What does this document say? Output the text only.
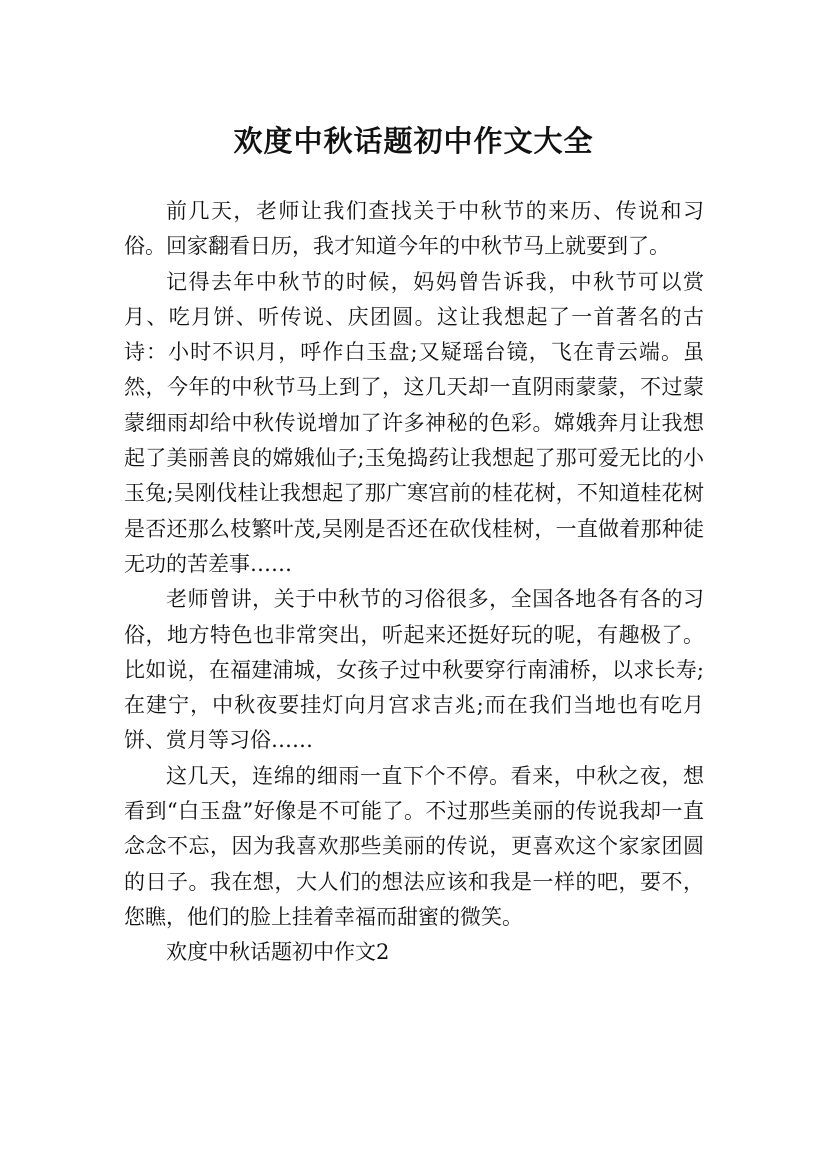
欢度中秋话题初中作文大全

前几天，老师让我们查找关于中秋节的来历、传说和习俗。回家翻看日历，我才知道今年的中秋节马上就要到了。

记得去年中秋节的时候，妈妈曾告诉我，中秋节可以赏月、吃月饼、听传说、庆团圆。这让我想起了一首著名的古诗：小时不识月，呼作白玉盘;又疑瑶台镜，飞在青云端。虽然，今年的中秋节马上到了，这几天却一直阴雨蒙蒙，不过蒙蒙细雨却给中秋传说增加了许多神秘的色彩。嫦娥奔月让我想起了美丽善良的嫦娥仙子;玉兔捣药让我想起了那可爱无比的小玉兔;吴刚伐桂让我想起了那广寒宫前的桂花树，不知道桂花树是否还那么枝繁叶茂,吴刚是否还在砍伐桂树，一直做着那种徒无功的苦差事……

老师曾讲，关于中秋节的习俗很多，全国各地各有各的习俗，地方特色也非常突出，听起来还挺好玩的呢，有趣极了。比如说，在福建浦城，女孩子过中秋要穿行南浦桥，以求长寿;在建宁，中秋夜要挂灯向月宫求吉兆;而在我们当地也有吃月饼、赏月等习俗……

这几天，连绵的细雨一直下个不停。看来，中秋之夜，想看到“白玉盘”好像是不可能了。不过那些美丽的传说我却一直念念不忘，因为我喜欢那些美丽的传说，更喜欢这个家家团圆的日子。我在想，大人们的想法应该和我是一样的吧，要不，您瞧，他们的脸上挂着幸福而甜蜜的微笑。

欢度中秋话题初中作文2
